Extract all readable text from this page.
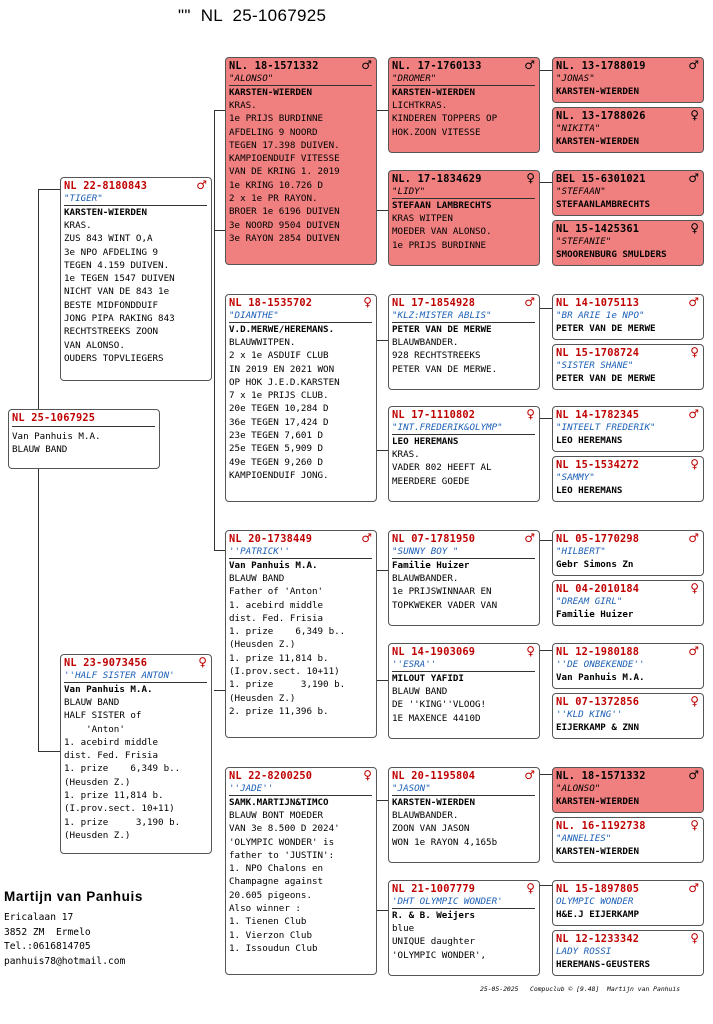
""  NL  25-1067925
NL 25-1067925
Van Panhuis M.A.
BLAUW BAND
NL 22-8180843	♂
"TIGER"
KARSTEN-WIERDEN
KRAS.
ZUS 843 WINT O,A
3e NPO AFDELING 9
TEGEN 4.159 DUIVEN.
1e TEGEN 1547 DUIVEN
NICHT VAN DE 843 1e
BESTE MIDFONDDUIF
JONG PIPA RAKING 843
RECHTSTREEKS ZOON
VAN ALONSO.
OUDERS TOPVLIEGERS
NL 23-9073456	♀
''HALF SISTER ANTON'
Van Panhuis M.A.
BLAUW BAND
HALF SISTER of
'Anton'
1. acebird middle
dist. Fed. Frisia
1. prize    6,349 b..
(Heusden Z.)
1. prize 11,814 b.
(I.prov.sect. 10+11)
1. prize     3,190 b.
(Heusden Z.)
NL. 18-1571332	♂
"ALONSO"
KARSTEN-WIERDEN
KRAS.
1e PRIJS BURDINNE
AFDELING 9 NOORD
TEGEN 17.398 DUIVEN.
KAMPIOENDUIF VITESSE
VAN DE KRING 1. 2019
1e KRING 10.726 D
2 x 1e PR RAYON.
BROER 1e 6196 DUIVEN
3e NOORD 9504 DUIVEN
3e RAYON 2854 DUIVEN
NL 18-1535702	♀
"DIANTHE"
V.D.MERWE/HEREMANS.
BLAUWWITPEN.
2 x 1e ASDUIF CLUB
IN 2019 EN 2021 WON
OP HOK J.E.D.KARSTEN
7 x 1e PRIJS CLUB.
20e TEGEN 10,284 D
36e TEGEN 17,424 D
23e TEGEN 7,601 D
25e TEGEN 5,909 D
49e TEGEN 9,260 D
KAMPIOENDUIF JONG.
NL 20-1738449	♂
''PATRICK''
Van Panhuis M.A.
BLAUW BAND
Father of 'Anton'
1. acebird middle
dist. Fed. Frisia
1. prize    6,349 b..
(Heusden Z.)
1. prize 11,814 b.
(I.prov.sect. 10+11)
1. prize     3,190 b.
(Heusden Z.)
2. prize 11,396 b.
NL 22-8200250	♀
''JADE''
SAMK.MARTIJN&TIMCO
BLAUW BONT MOEDER
VAN 3e 8.500 D 2024'
'OLYMPIC WONDER' is
father to 'JUSTIN':
1. NPO Chalons en
Champagne against
20.605 pigeons.
Also winner :
1. Tienen Club
1. Vierzon Club
1. Issoudun Club
NL. 17-1760133	♂
"DROMER"
KARSTEN-WIERDEN
LICHTKRAS.
KINDEREN TOPPERS OP
HOK.ZOON VITESSE
NL. 17-1834629	♀
"LIDY"
STEFAAN LAMBRECHTS
KRAS WITPEN
MOEDER VAN ALONSO.
1e PRIJS BURDINNE
NL 17-1854928	♂
"KLZ:MISTER ABLIS"
PETER VAN DE MERWE
BLAUWBANDER.
928 RECHTSTREEKS
PETER VAN DE MERWE.
NL 17-1110802	♀
"INT.FREDERIK&OLYMP"
LEO HEREMANS
KRAS.
VADER 802 HEEFT AL
MEERDERE GOEDE
NL 07-1781950	♂
"SUNNY BOY "
Familie Huizer
BLAUWBANDER.
1e PRIJSWINNAAR EN
TOPKWEKER VADER VAN
NL 14-1903069	♀
''ESRA''
MILOUT YAFIDI
BLAUW BAND
DE ''KING''VLOOG!
1E MAXENCE 4410D
NL 20-1195804	♂
"JASON"
KARSTEN-WIERDEN
BLAUWBANDER.
ZOON VAN JASON
WON 1e RAYON 4,165b
NL 21-1007779	♀
'DHT OLYMPIC WONDER'
R. & B. Weijers
blue
UNIQUE daughter
'OLYMPIC WONDER',
NL. 13-1788019	♂
"JONAS"
KARSTEN-WIERDEN
NL. 13-1788026	♀
"NIKITA"
KARSTEN-WIERDEN
BEL 15-6301021	♂
"STEFAAN"
STEFAANLAMBRECHTS
NL 15-1425361	♀
"STEFANIE"
SMOORENBURG SMULDERS
NL 14-1075113	♂
"BR ARIE 1e NPO"
PETER VAN DE MERWE
NL 15-1708724	♀
"SISTER SHANE"
PETER VAN DE MERWE
NL 14-1782345	♂
"INTEELT FREDERIK"
LEO HEREMANS
NL 15-1534272	♀
"SAMMY"
LEO HEREMANS
NL 05-1770298	♂
"HILBERT"
Gebr Simons Zn
NL 04-2010184	♀
"DREAM GIRL"
Familie Huizer
NL 12-1980188	♂
''DE ONBEKENDE''
Van Panhuis M.A.
NL 07-1372856	♀
''KLD KING''
EIJERKAMP & ZNN
NL. 18-1571332	♂
"ALONSO"
KARSTEN-WIERDEN
NL. 16-1192738	♀
"ANNELIES"
KARSTEN-WIERDEN
NL 15-1897805	♂
OLYMPIC WONDER
H&E.J EIJERKAMP
NL 12-1233342	♀
LADY ROSSI
HEREMANS-GEUSTERS
Martijn van Panhuis
Ericalaan 17
3852 ZM  Ermelo
Tel.:0616814705
panhuis78@hotmail.com
25-05-2025   Compuclub © [9.48]  Martijn van Panhuis
